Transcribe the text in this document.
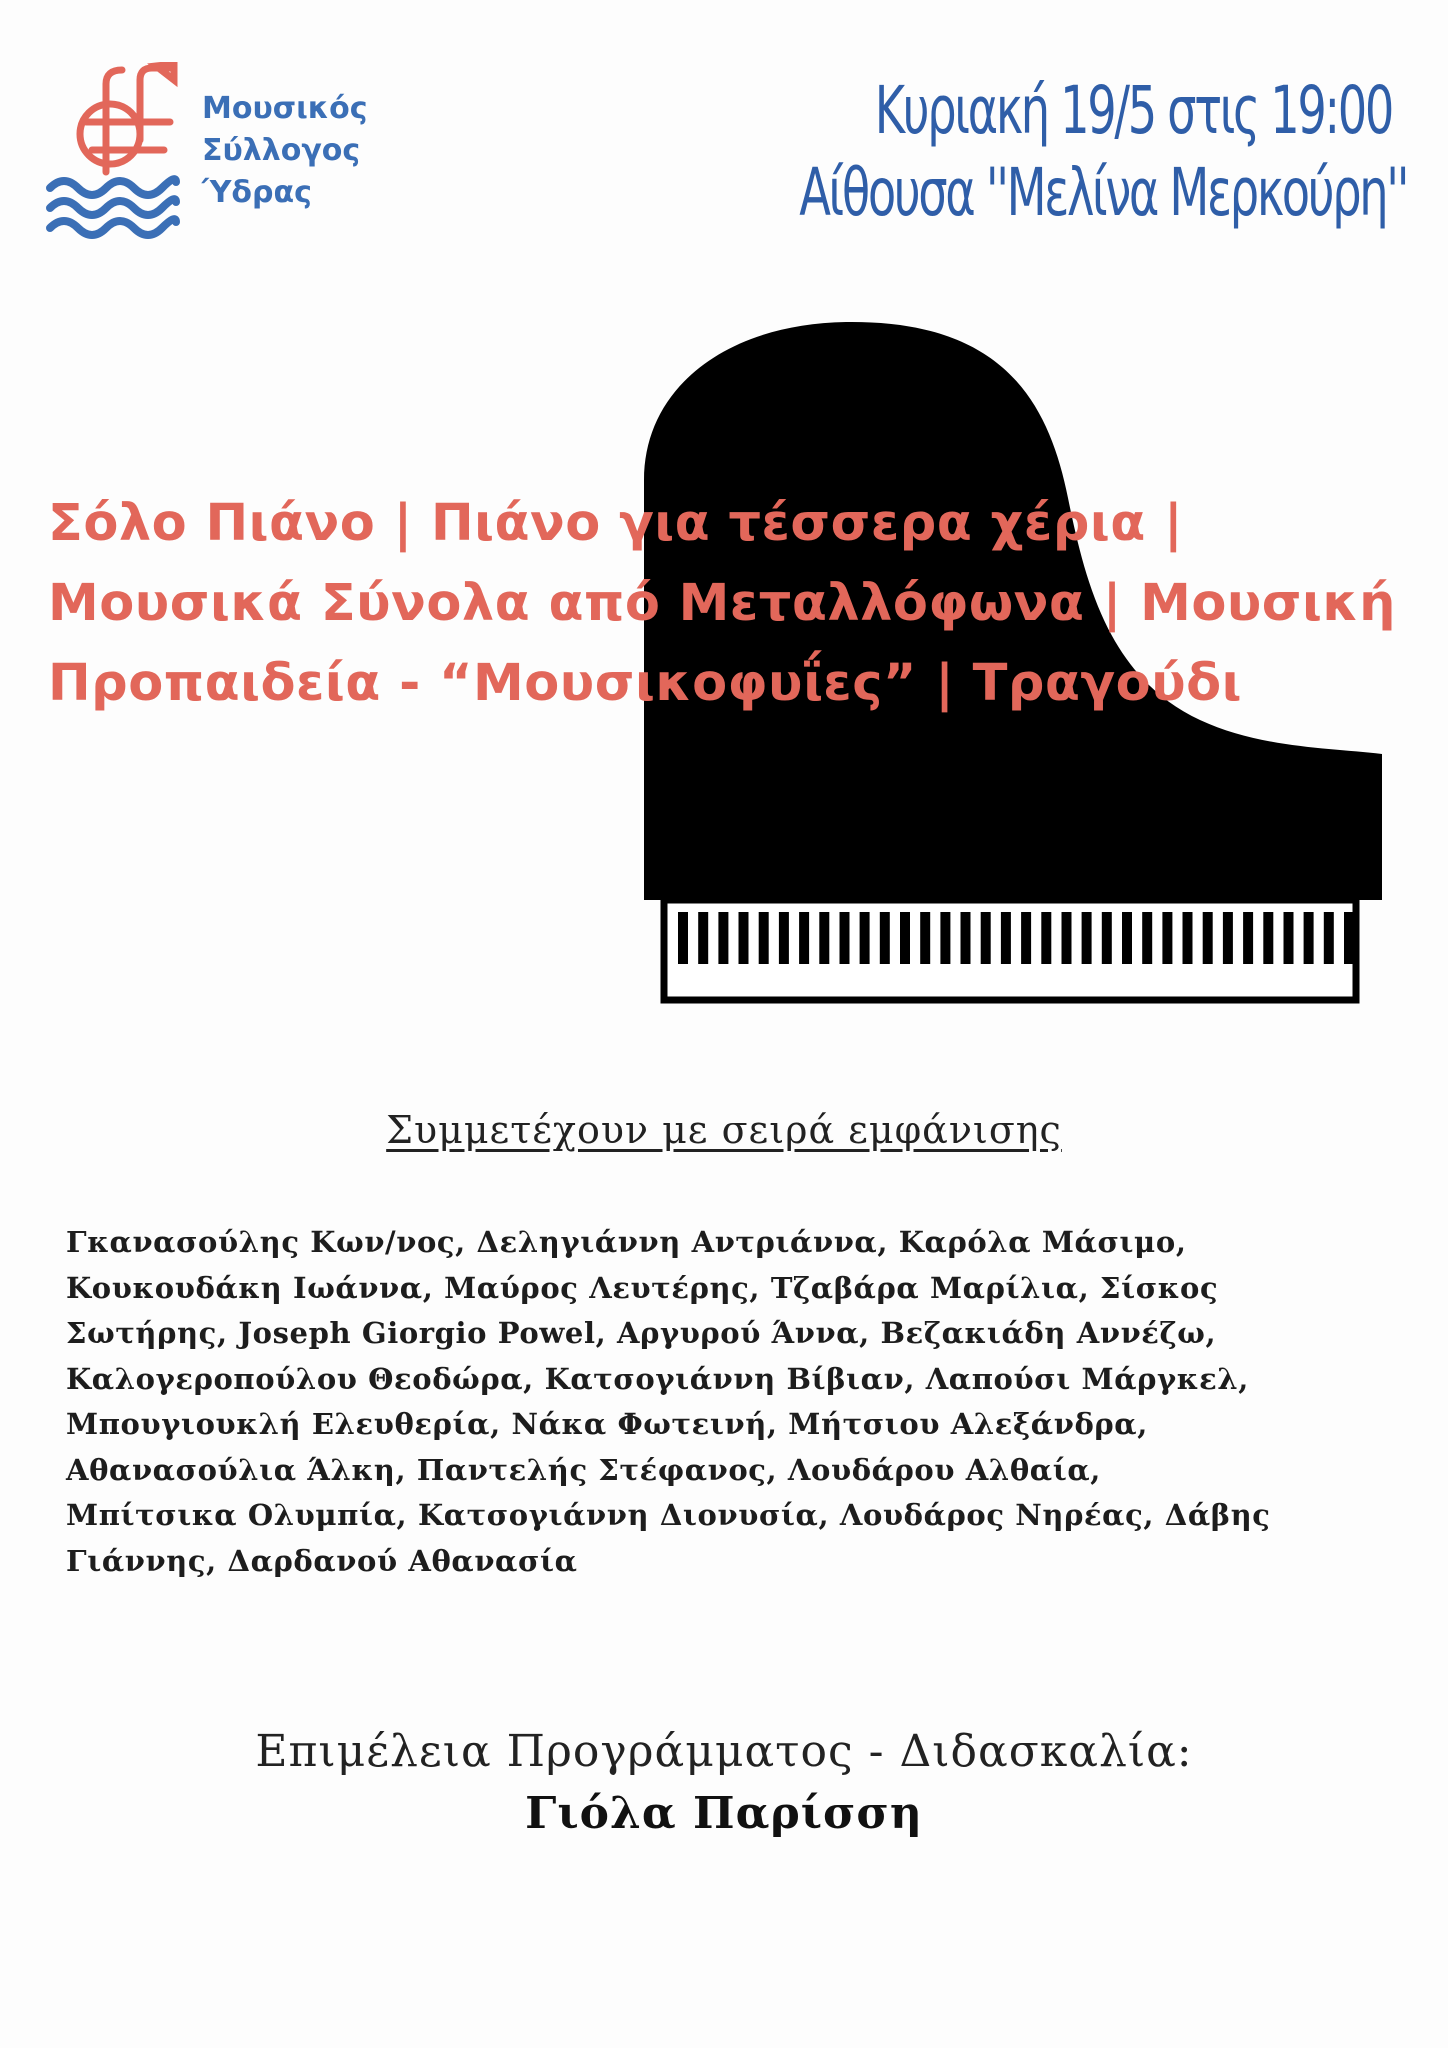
Μουσικός
Σύλλογος
Ύδρας
Κυριακή 19/5 στις 19:00
Αίθουσα ''Μελίνα Μερκούρη''
Σόλο Πιάνο | Πιάνο για τέσσερα χέρια |
Μουσικά Σύνολα από Μεταλλόφωνα | Μουσική
Προπαιδεία - “Μουσικοφυΐες” | Τραγούδι
Συμμετέχουν με σειρά εμφάνισης
Γκανασούλης Κων/νος, Δεληγιάννη Αντριάννα, Καρόλα Μάσιμο,
Κουκουδάκη Ιωάννα, Μαύρος Λευτέρης, Τζαβάρα Μαρίλια, Σίσκος
Σωτήρης, Joseph Giorgio Powel, Αργυρού Άννα, Βεζακιάδη Αννέζω,
Καλογεροπούλου Θεοδώρα, Κατσογιάννη Βίβιαν, Λαπούσι Μάργκελ,
Μπουγιουκλή Ελευθερία, Νάκα Φωτεινή, Μήτσιου Αλεξάνδρα,
Αθανασούλια Άλκη, Παντελής Στέφανος, Λουδάρου Αλθαία,
Μπίτσικα Ολυμπία, Κατσογιάννη Διονυσία, Λουδάρος Νηρέας, Δάβης
Γιάννης, Δαρδανού Αθανασία
Επιμέλεια Προγράμματος - Διδασκαλία:
Γιόλα Παρίσση
